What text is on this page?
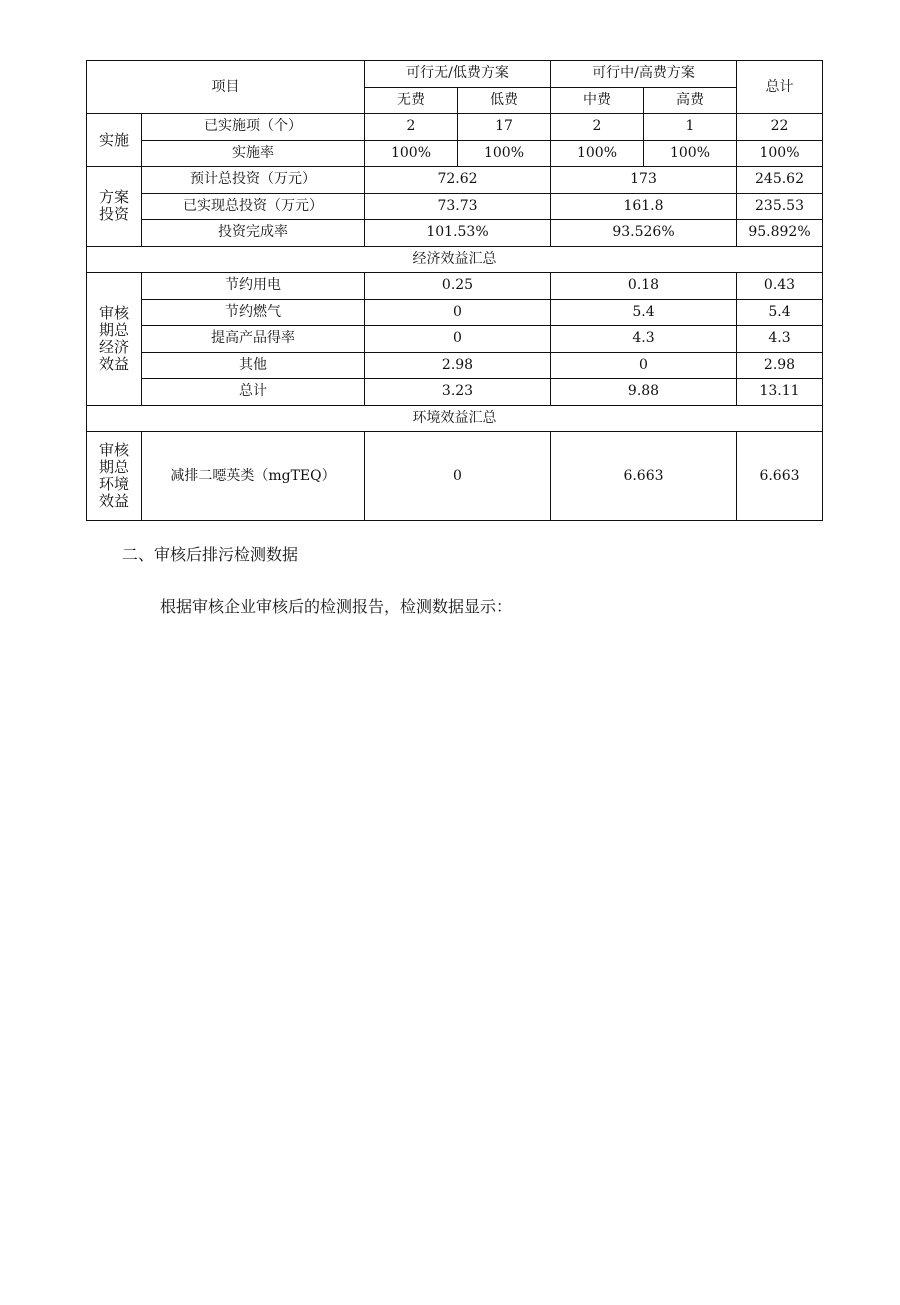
项目		可行无/低费方案		可行中/高费方案		总计
		无费	低费	中费	高费	

实施	已实施项（个）	2	17	2	1	22
	实施率	100%	100%	100%	100%	100%

方案
投资	预计总投资（万元）	72.62		173		245.62
	已实现总投资（万元）	73.73		161.8		235.53
	投资完成率	101.53%		93.526%		95.892%
经济效益汇总						

审核
期总
经济
效益	节约用电	0.25		0.18		0.43
	节约燃气	0		5.4		5.4
	提高产品得率	0		4.3		4.3
	其他	2.98		0		2.98
	总计	3.23		9.88		13.11
环境效益汇总						

审核
期总
环境
效益	减排二噁英类（mgTEQ）	0		6.663		6.663
二、审核后排污检测数据
根据审核企业审核后的检测报告，检测数据显示：
